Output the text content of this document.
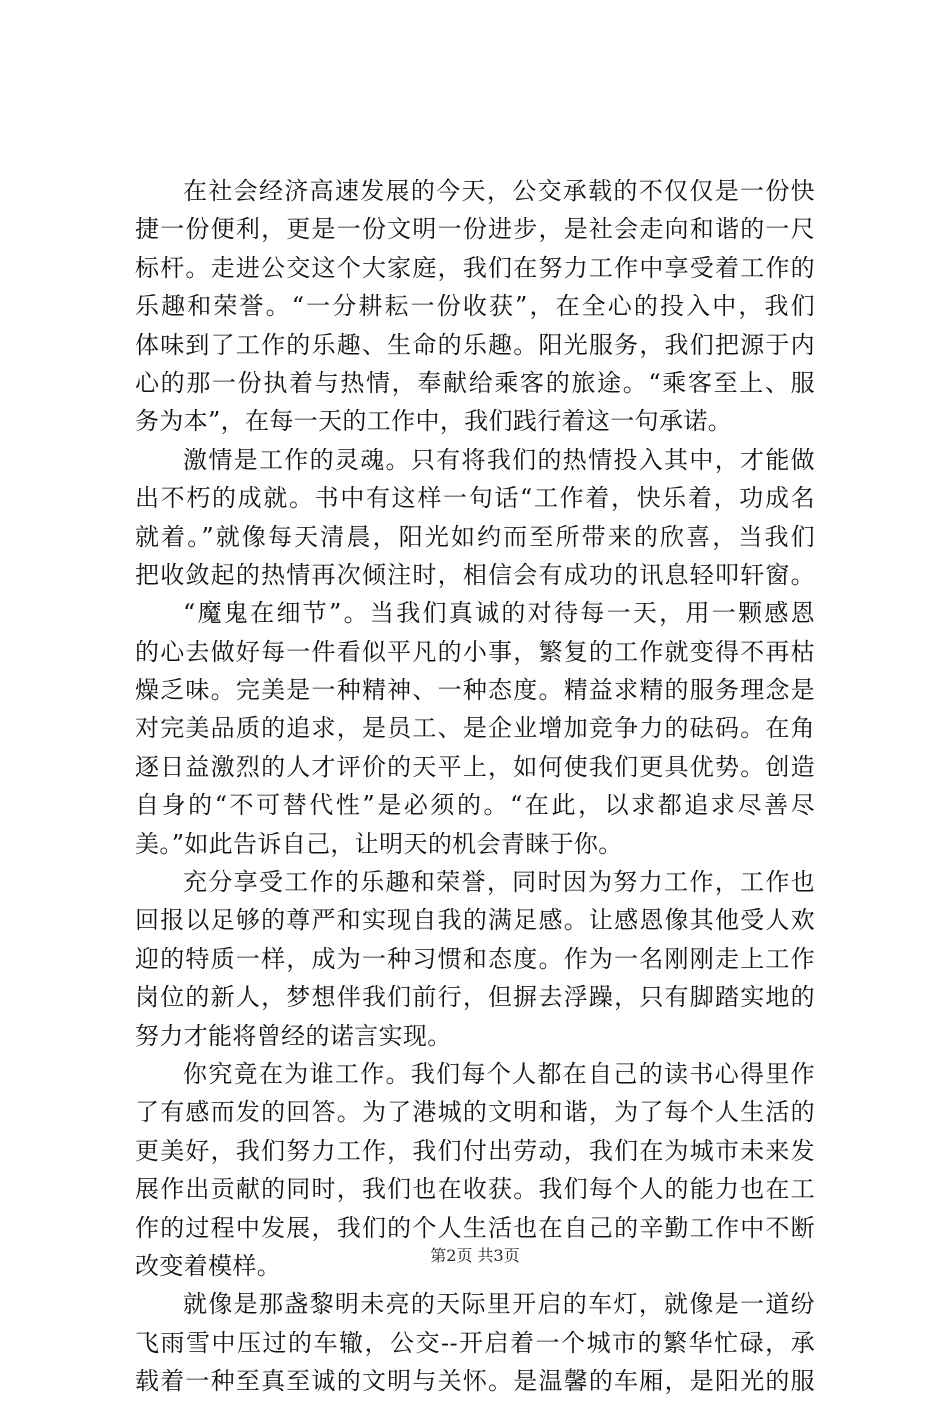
在社会经济高速发展的今天，公交承载的不仅仅是一份快
捷一份便利，更是一份文明一份进步，是社会走向和谐的一尺
标杆。走进公交这个大家庭，我们在努力工作中享受着工作的
乐趣和荣誉。“一分耕耘一份收获”，在全心的投入中，我们
体味到了工作的乐趣、生命的乐趣。阳光服务，我们把源于内
心的那一份执着与热情，奉献给乘客的旅途。“乘客至上、服
务为本”，在每一天的工作中，我们践行着这一句承诺。
激情是工作的灵魂。只有将我们的热情投入其中，才能做
出不朽的成就。书中有这样一句话“工作着，快乐着，功成名
就着。”就像每天清晨，阳光如约而至所带来的欣喜，当我们
把收敛起的热情再次倾注时，相信会有成功的讯息轻叩轩窗。
“魔鬼在细节”。当我们真诚的对待每一天，用一颗感恩
的心去做好每一件看似平凡的小事，繁复的工作就变得不再枯
燥乏味。完美是一种精神、一种态度。精益求精的服务理念是
对完美品质的追求，是员工、是企业增加竞争力的砝码。在角
逐日益激烈的人才评价的天平上，如何使我们更具优势。创造
自身的“不可替代性”是必须的。“在此，以求都追求尽善尽
美。”如此告诉自己，让明天的机会青睐于你。
充分享受工作的乐趣和荣誉，同时因为努力工作，工作也
回报以足够的尊严和实现自我的满足感。让感恩像其他受人欢
迎的特质一样，成为一种习惯和态度。作为一名刚刚走上工作
岗位的新人，梦想伴我们前行，但摒去浮躁，只有脚踏实地的
努力才能将曾经的诺言实现。
你究竟在为谁工作。我们每个人都在自己的读书心得里作
了有感而发的回答。为了港城的文明和谐，为了每个人生活的
更美好，我们努力工作，我们付出劳动，我们在为城市未来发
展作出贡献的同时，我们也在收获。我们每个人的能力也在工
作的过程中发展，我们的个人生活也在自己的辛勤工作中不断
改变着模样。
就像是那盏黎明未亮的天际里开启的车灯，就像是一道纷
飞雨雪中压过的车辙，公交--开启着一个城市的繁华忙碌，承
载着一种至真至诚的文明与关怀。是温馨的车厢，是阳光的服
第2页 共3页
